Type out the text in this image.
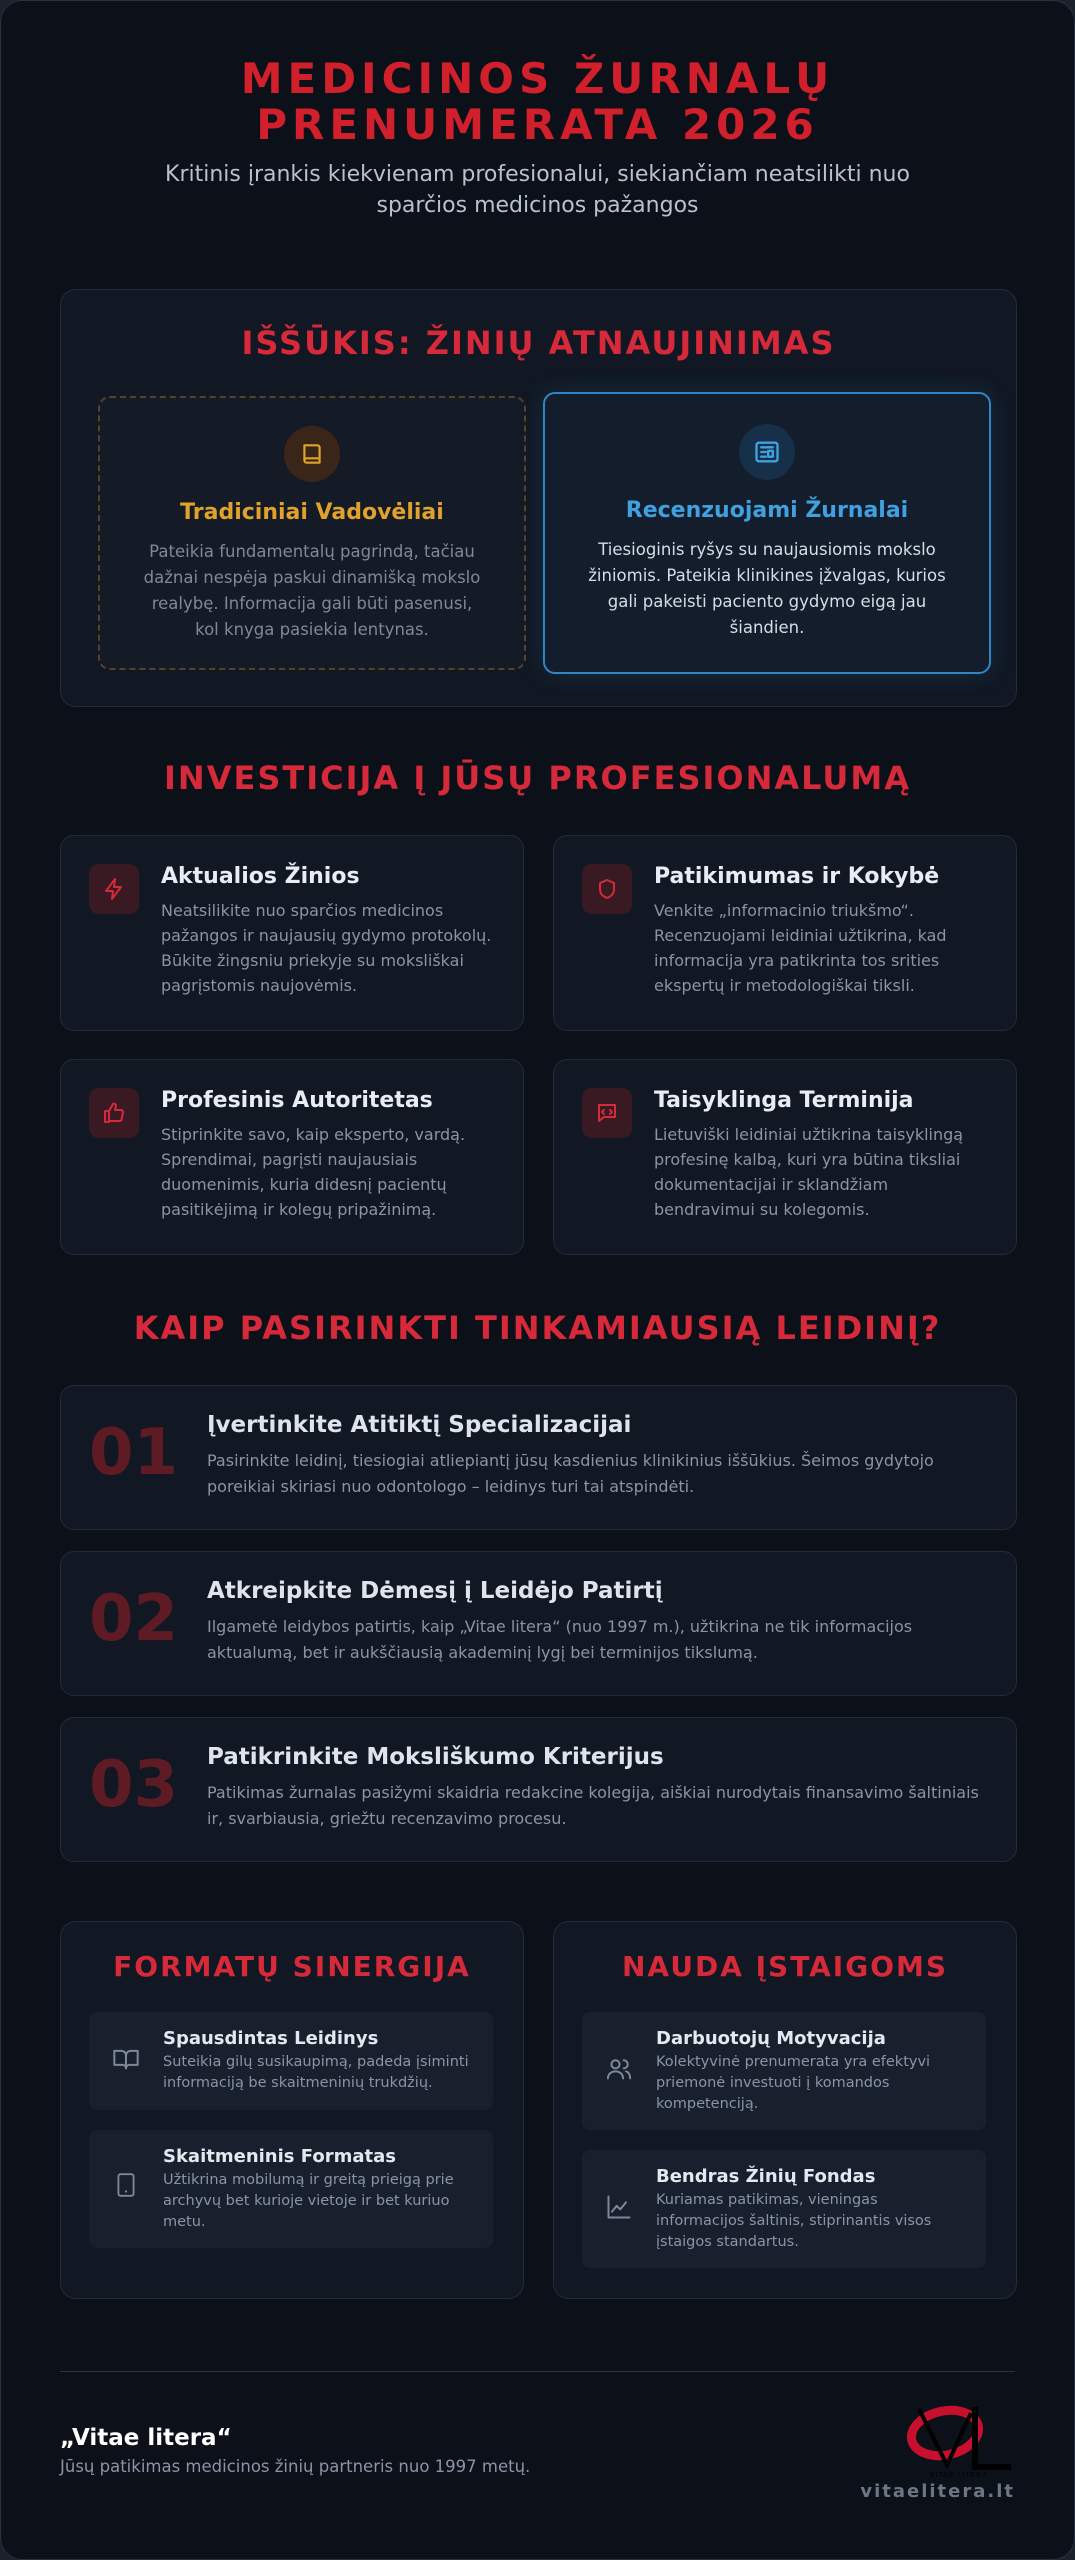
MEDICINOS ŽURNALŲ
PRENUMERATA 2026
Kritinis įrankis kiekvienam profesionalui, siekiančiam neatsilikti nuo
sparčios medicinos pažangos
IŠŠŪKIS: ŽINIŲ ATNAUJINIMAS
Tradiciniai Vadovėliai
Pateikia fundamentalų pagrindą, tačiau dažnai nespėja paskui dinamišką mokslo realybę. Informacija gali būti pasenusi, kol knyga pasiekia lentynas.
Recenzuojami Žurnalai
Tiesioginis ryšys su naujausiomis mokslo žiniomis. Pateikia klinikines įžvalgas, kurios gali pakeisti paciento gydymo eigą jau šiandien.
INVESTICIJA Į JŪSŲ PROFESIONALUMĄ
Aktualios Žinios
Neatsilikite nuo sparčios medicinos pažangos ir naujausių gydymo protokolų. Būkite žingsniu priekyje su moksliškai pagrįstomis naujovėmis.
Patikimumas ir Kokybė
Venkite „informacinio triukšmo“. Recenzuojami leidiniai užtikrina, kad informacija yra patikrinta tos srities ekspertų ir metodologiškai tiksli.
Profesinis Autoritetas
Stiprinkite savo, kaip eksperto, vardą. Sprendimai, pagrįsti naujausiais duomenimis, kuria didesnį pacientų pasitikėjimą ir kolegų pripažinimą.
Taisyklinga Terminija
Lietuviški leidiniai užtikrina taisyklingą profesinę kalbą, kuri yra būtina tiksliai dokumentacijai ir sklandžiam bendravimui su kolegomis.
KAIP PASIRINKTI TINKAMIAUSIĄ LEIDINĮ?
01 Įvertinkite Atitiktį Specializacijai
Pasirinkite leidinį, tiesiogiai atliepiantį jūsų kasdienius klinikinius iššūkius. Šeimos gydytojo poreikiai skiriasi nuo odontologo – leidinys turi tai atspindėti.
02 Atkreipkite Dėmesį į Leidėjo Patirtį
Ilgametė leidybos patirtis, kaip „Vitae litera“ (nuo 1997 m.), užtikrina ne tik informacijos aktualumą, bet ir aukščiausią akademinį lygį bei terminijos tikslumą.
03 Patikrinkite Moksliškumo Kriterijus
Patikimas žurnalas pasižymi skaidria redakcine kolegija, aiškiai nurodytais finansavimo šaltiniais ir, svarbiausia, griežtu recenzavimo procesu.
FORMATŲ SINERGIJA
Spausdintas Leidinys
Suteikia gilų susikaupimą, padeda įsiminti informaciją be skaitmeninių trukdžių.
Skaitmeninis Formatas
Užtikrina mobilumą ir greitą prieigą prie archyvų bet kurioje vietoje ir bet kuriuo metu.
NAUDA ĮSTAIGOMS
Darbuotojų Motyvacija
Kolektyvinė prenumerata yra efektyvi priemonė investuoti į komandos kompetenciją.
Bendras Žinių Fondas
Kuriamas patikimas, vieningas informacijos šaltinis, stiprinantis visos įstaigos standartus.
„Vitae litera“
Jūsų patikimas medicinos žinių partneris nuo 1997 metų.	VITAE LITERA
vitaelitera.lt
